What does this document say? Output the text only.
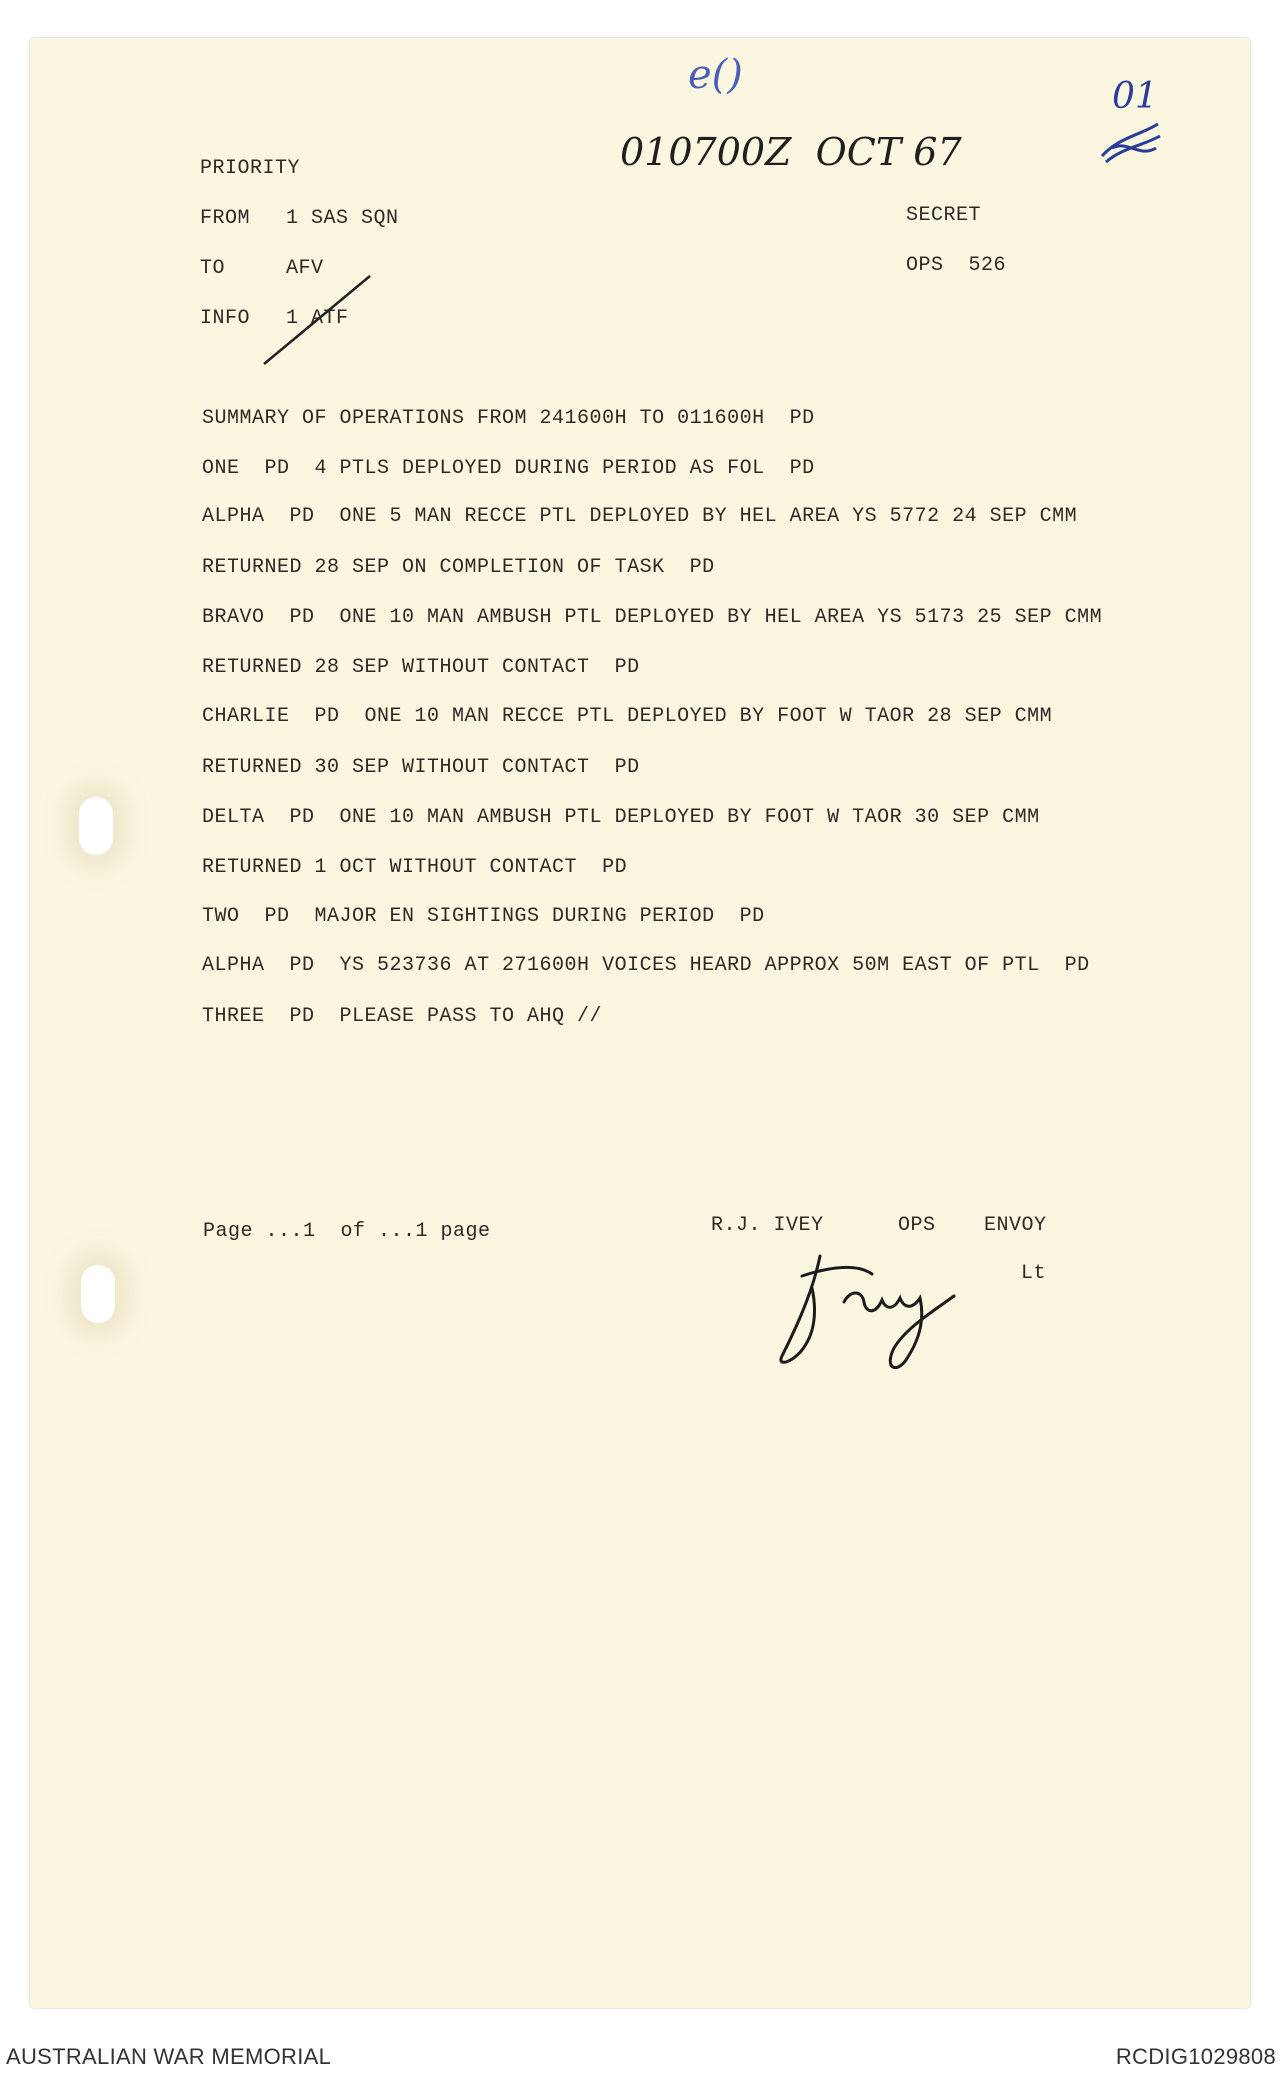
e()
010700Z  OCT 67
01
PRIORITY
FROM 1 SAS SQN
TO	AFV
INFO 1 ATF
SECRET
OPS  526
SUMMARY OF OPERATIONS FROM 241600H TO 011600H  PD
ONE  PD  4 PTLS DEPLOYED DURING PERIOD AS FOL  PD
ALPHA  PD  ONE 5 MAN RECCE PTL DEPLOYED BY HEL AREA YS 5772 24 SEP CMM
RETURNED 28 SEP ON COMPLETION OF TASK  PD
BRAVO  PD  ONE 10 MAN AMBUSH PTL DEPLOYED BY HEL AREA YS 5173 25 SEP CMM
RETURNED 28 SEP WITHOUT CONTACT  PD
CHARLIE  PD  ONE 10 MAN RECCE PTL DEPLOYED BY FOOT W TAOR 28 SEP CMM
RETURNED 30 SEP WITHOUT CONTACT  PD
DELTA  PD  ONE 10 MAN AMBUSH PTL DEPLOYED BY FOOT W TAOR 30 SEP CMM
RETURNED 1 OCT WITHOUT CONTACT  PD
TWO  PD  MAJOR EN SIGHTINGS DURING PERIOD  PD
ALPHA  PD  YS 523736 AT 271600H VOICES HEARD APPROX 50M EAST OF PTL  PD
THREE  PD  PLEASE PASS TO AHQ //
Page ...1  of ...1 page	R.J. IVEY	OPS ENVOY
Lt
AUSTRALIAN WAR MEMORIAL	RCDIG1029808
